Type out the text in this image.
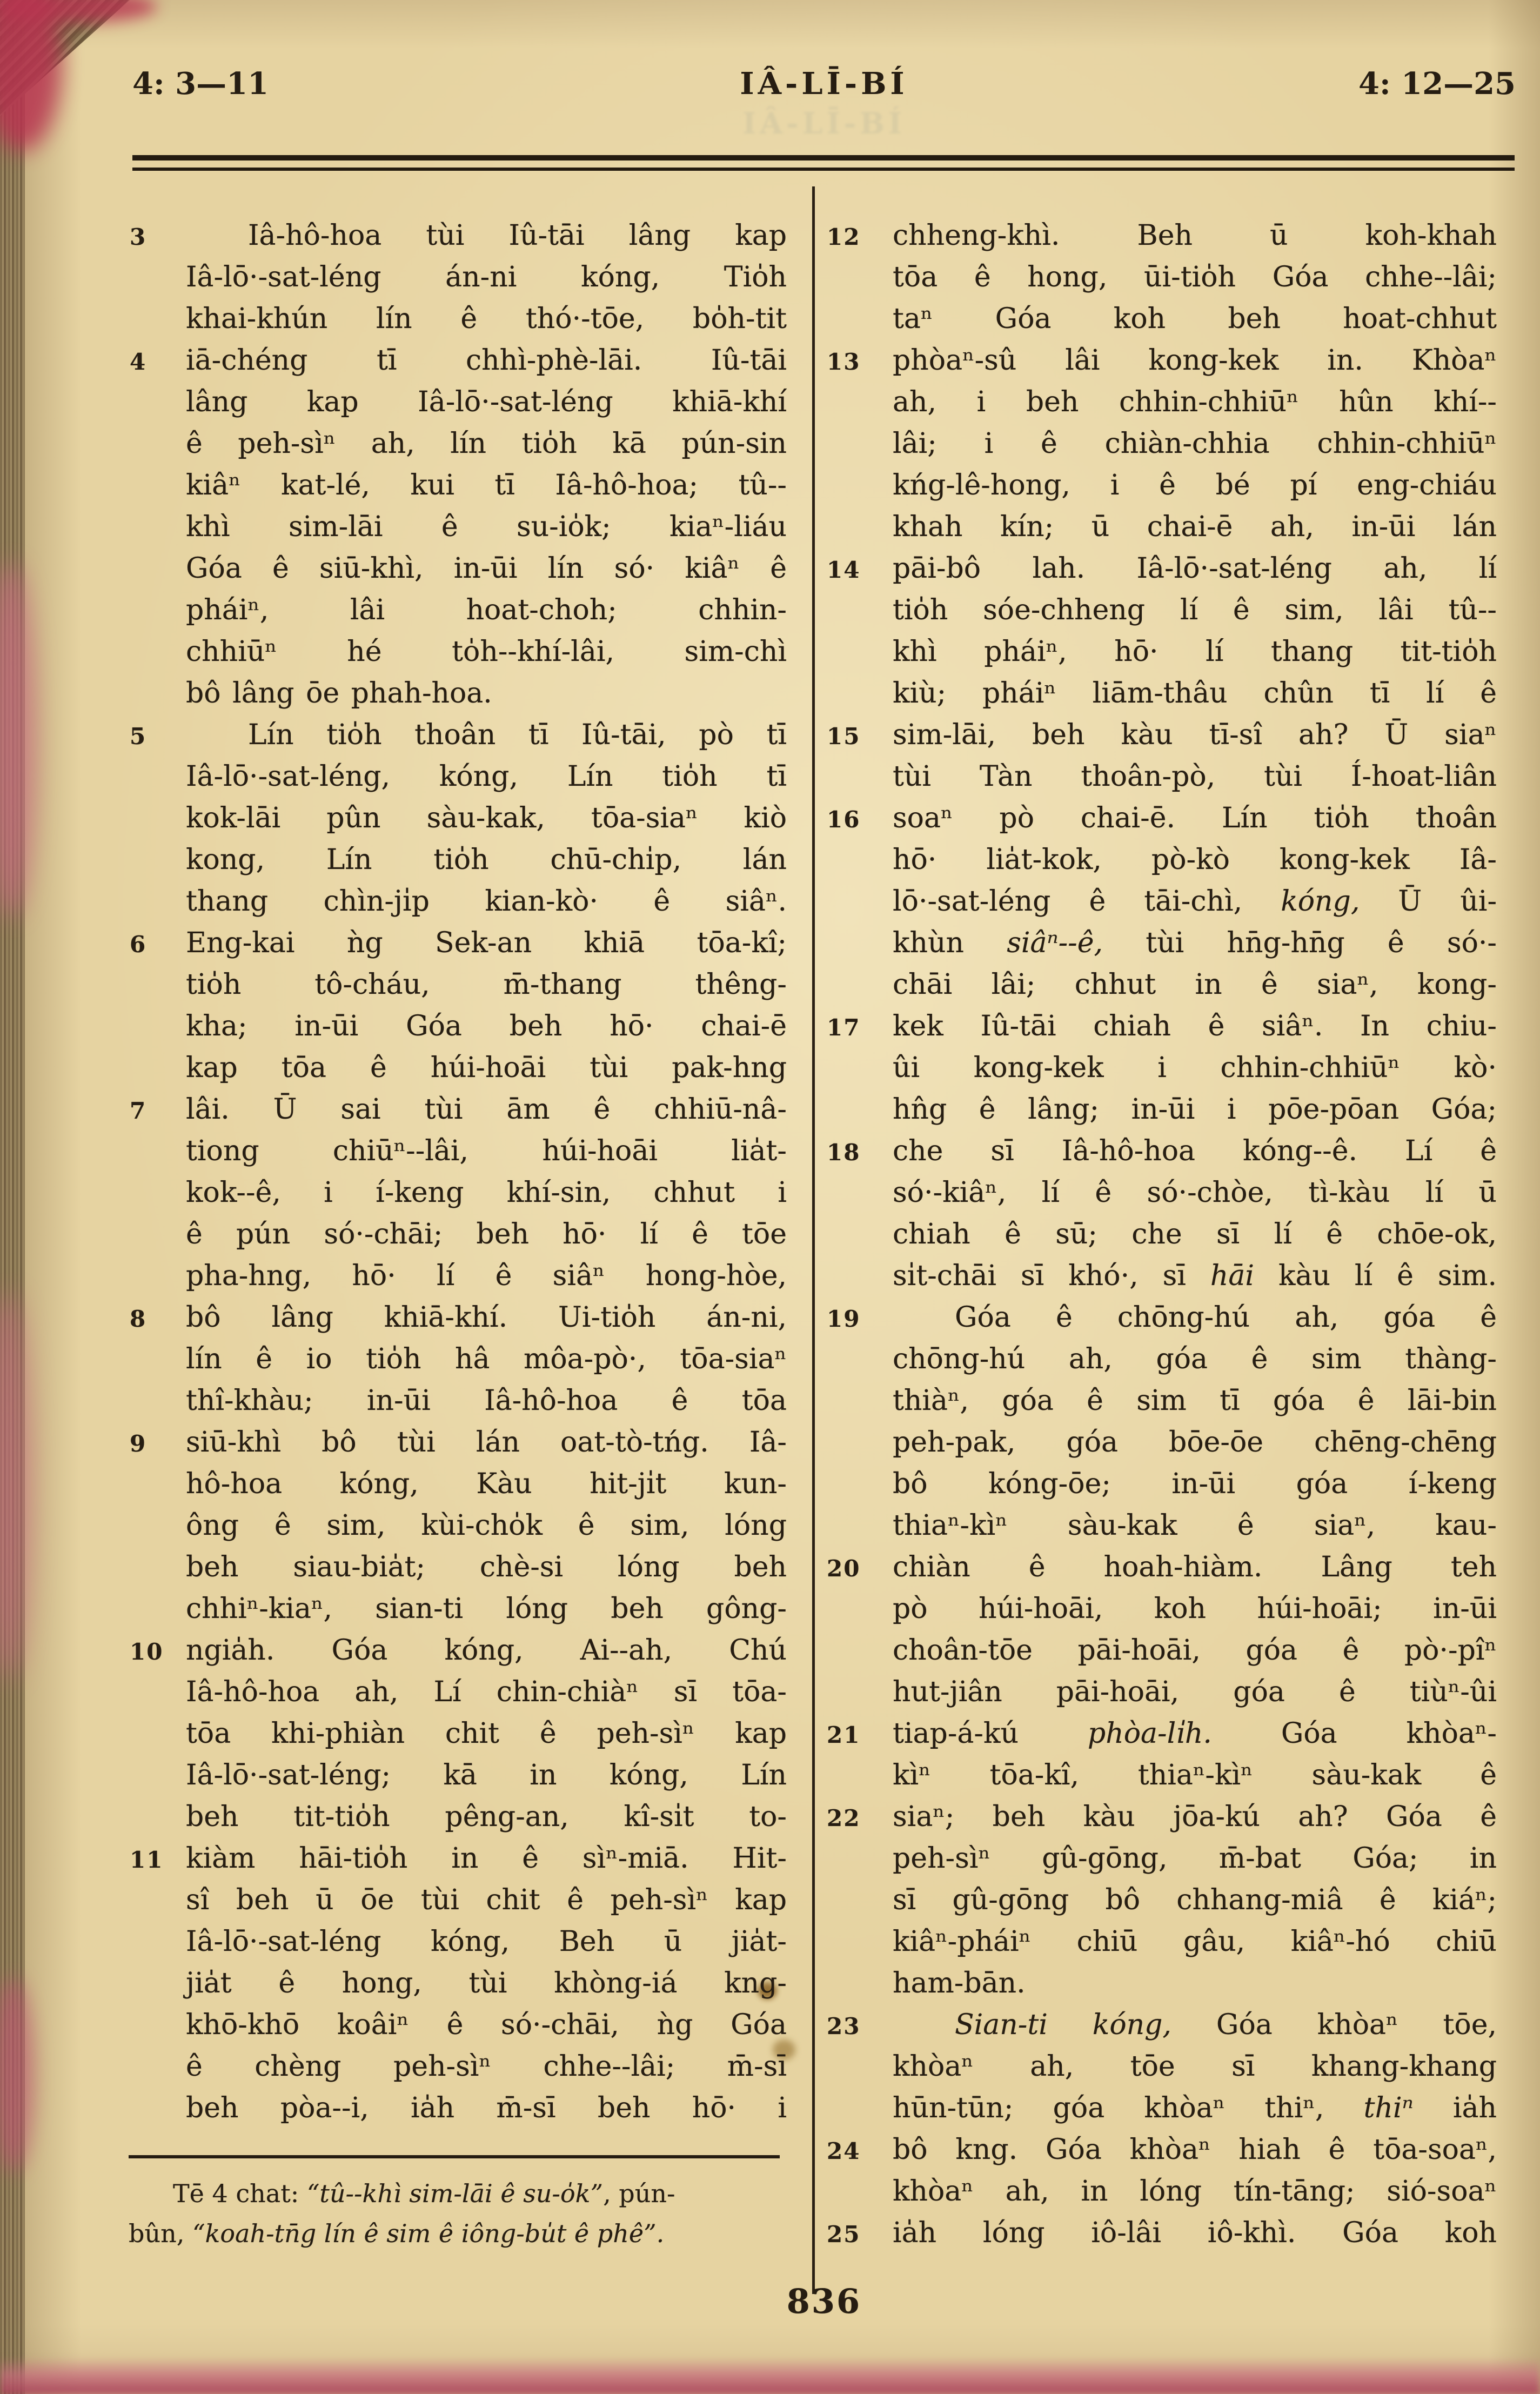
IÂ-LĪ-BÍ
4: 3—11	IÂ-LĪ-BÍ	4: 12—25
3	Iâ-hô-hoa tùi Iû-tāi lâng kap
Iâ-lō·-sat-léng án-ni kóng, Tio̍h
khai-khún lín ê thó·-tōe, bo̍h-tit
4	iā-chéng tī chhì-phè-lāi. Iû-tāi
lâng kap Iâ-lō·-sat-léng khiā-khí
ê peh-sìⁿ ah, lín tio̍h kā pún-sin
kiâⁿ kat-lé, kui tī Iâ-hô-hoa; tû--
khì sim-lāi ê su-io̍k; kiaⁿ-liáu
Góa ê siū-khì, in-ūi lín só· kiâⁿ ê
pháiⁿ, lâi hoat-choh; chhin-
chhiūⁿ hé to̍h--khí-lâi, sim-chì
bô lâng ōe phah-hoa.
5	Lín tio̍h thoân tī Iû-tāi, pò tī
Iâ-lō·-sat-léng, kóng, Lín tio̍h tī
kok-lāi pûn sàu-kak, tōa-siaⁿ kiò
kong, Lín tio̍h chū-chi̍p, lán
thang chìn-ji̍p kian-kò· ê siâⁿ.
6	Eng-kai ǹg Sek-an khiā tōa-kî;
tio̍h tô-cháu, m̄-thang thêng-
kha; in-ūi Góa beh hō· chai-ē
kap tōa ê húi-hoāi tùi pak-hng
7	lâi. Ū sai tùi ām ê chhiū-nâ-
tiong chiūⁿ--lâi, húi-hoāi lia̍t-
kok--ê, i í-keng khí-sin, chhut i
ê pún só·-chāi; beh hō· lí ê tōe
pha-hng, hō· lí ê siâⁿ hong-hòe,
8	bô lâng khiā-khí. Ui-tio̍h án-ni,
lín ê io tio̍h hâ môa-pò·, tōa-siaⁿ
thî-khàu; in-ūi Iâ-hô-hoa ê tōa
9	siū-khì bô tùi lán oat-tò-tńg. Iâ-
hô-hoa kóng, Kàu hit-ji̍t kun-
ông ê sim, kùi-cho̍k ê sim, lóng
beh siau-bia̍t; chè-si lóng beh
chhiⁿ-kiaⁿ, sian-ti lóng beh gông-
10 ngia̍h. Góa kóng, Ai--ah, Chú
Iâ-hô-hoa ah, Lí chin-chiàⁿ sī tōa-
tōa khi-phiàn chit ê peh-sìⁿ kap
Iâ-lō·-sat-léng; kā in kóng, Lín
beh tit-tio̍h pêng-an, kî-si̍t to-
11 kiàm hāi-tio̍h in ê sìⁿ-miā. Hit-
sî beh ū ōe tùi chit ê peh-sìⁿ kap
Iâ-lō·-sat-léng kóng, Beh ū jia̍t-
jia̍t ê hong, tùi khòng-iá kng-
khō-khō koâiⁿ ê só·-chāi, ǹg Góa
ê chèng peh-sìⁿ chhe--lâi; m̄-sī
beh pòa--i, ia̍h m̄-sī beh hō· i
12	chheng-khì. Beh ū koh-khah
tōa ê hong, ūi-tio̍h Góa chhe--lâi;
taⁿ Góa koh beh hoat-chhut
13	phòaⁿ-sû lâi kong-kek in. Khòaⁿ
ah, i beh chhin-chhiūⁿ hûn khí--
lâi; i ê chiàn-chhia chhin-chhiūⁿ
kńg-lê-hong, i ê bé pí eng-chiáu
khah kín; ū chai-ē ah, in-ūi lán
14	pāi-bô lah. Iâ-lō·-sat-léng ah, lí
tio̍h sóe-chheng lí ê sim, lâi tû--
khì pháiⁿ, hō· lí thang tit-tio̍h
kiù; pháiⁿ liām-thâu chûn tī lí ê
15	sim-lāi, beh kàu tī-sî ah? Ū siaⁿ
tùi Tàn thoân-pò, tùi Í-hoat-liân
16	soaⁿ pò chai-ē. Lín tio̍h thoân
hō· lia̍t-kok, pò-kò kong-kek Iâ-
lō·-sat-léng ê tāi-chì, kóng, Ū ûi-
khùn siâⁿ--ê, tùi hn̄g-hn̄g ê só·-
chāi lâi; chhut in ê siaⁿ, kong-
17	kek Iû-tāi chiah ê siâⁿ. In chiu-
ûi kong-kek i chhin-chhiūⁿ kò·
hn̂g ê lâng; in-ūi i pōe-pōan Góa;
18	che sī Iâ-hô-hoa kóng--ê. Lí ê
só·-kiâⁿ, lí ê só·-chòe, tì-kàu lí ū
chiah ê sū; che sī lí ê chōe-ok,
si̍t-chāi sī khó·, sī hāi kàu lí ê sim.
19	Góa ê chōng-hú ah, góa ê
chōng-hú ah, góa ê sim thàng-
thiàⁿ, góa ê sim tī góa ê lāi-bin
peh-pak, góa bōe-ōe chēng-chēng
bô kóng-ōe; in-ūi góa í-keng
thiaⁿ-kìⁿ sàu-kak ê siaⁿ, kau-
20	chiàn ê hoah-hiàm. Lâng teh
pò húi-hoāi, koh húi-hoāi; in-ūi
choân-tōe pāi-hoāi, góa ê pò·-pîⁿ
hut-jiân pāi-hoāi, góa ê tiùⁿ-ûi
21	tiap-á-kú phòa-li̍h. Góa khòaⁿ-
kìⁿ tōa-kî, thiaⁿ-kìⁿ sàu-kak ê
22	siaⁿ; beh kàu jōa-kú ah? Góa ê
peh-sìⁿ gû-gōng, m̄-bat Góa; in
sī gû-gōng bô chhang-miâ ê kiáⁿ;
kiâⁿ-pháiⁿ chiū gâu, kiâⁿ-hó chiū
ham-bān.
23	Sian-ti kóng, Góa khòaⁿ tōe,
khòaⁿ ah, tōe sī khang-khang
hūn-tūn; góa khòaⁿ thiⁿ, thiⁿ ia̍h
24	bô kng. Góa khòaⁿ hiah ê tōa-soaⁿ,
khòaⁿ ah, in lóng tín-tāng; sió-soaⁿ
25	ia̍h lóng iô-lâi iô-khì. Góa koh
Tē 4 chat: “tû--khì sim-lāi ê su-o̍k”, pún-
bûn, “koah-tn̄g lín ê sim ê iông-bu̍t ê phê”.
836
